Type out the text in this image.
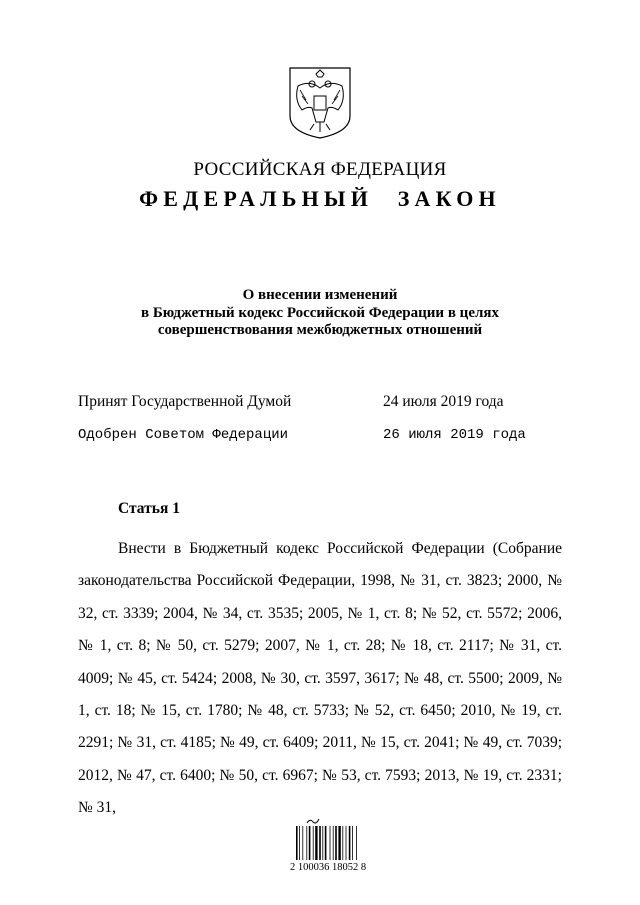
РОССИЙСКАЯ ФЕДЕРАЦИЯ
ФЕДЕРАЛЬНЫЙ ЗАКОН
О внесении изменений
в Бюджетный кодекс Российской Федерации в целях
совершенствования межбюджетных отношений
Принят Государственной Думой	24 июля 2019 года
Одобрен Советом Федерации	26 июля 2019 года
Статья 1

Внести в Бюджетный кодекс Российской Федерации (Собрание законодательства Российской Федерации, 1998, № 31, ст. 3823; 2000, № 32, ст. 3339; 2004, № 34, ст. 3535; 2005, № 1, ст. 8; № 52, ст. 5572; 2006, № 1, ст. 8; № 50, ст. 5279; 2007, № 1, ст. 28; № 18, ст. 2117; № 31, ст. 4009; № 45, ст. 5424; 2008, № 30, ст. 3597, 3617; № 48, ст. 5500; 2009, № 1, ст. 18; № 15, ст. 1780; № 48, ст. 5733; № 52, ст. 6450; 2010, № 19, ст. 2291; № 31, ст. 4185; № 49, ст. 6409; 2011, № 15, ст. 2041; № 49, ст. 7039; 2012, № 47, ст. 6400; № 50, ст. 6967; № 53, ст. 7593; 2013, № 19, ст. 2331; № 31,

2 100036 18052 8
